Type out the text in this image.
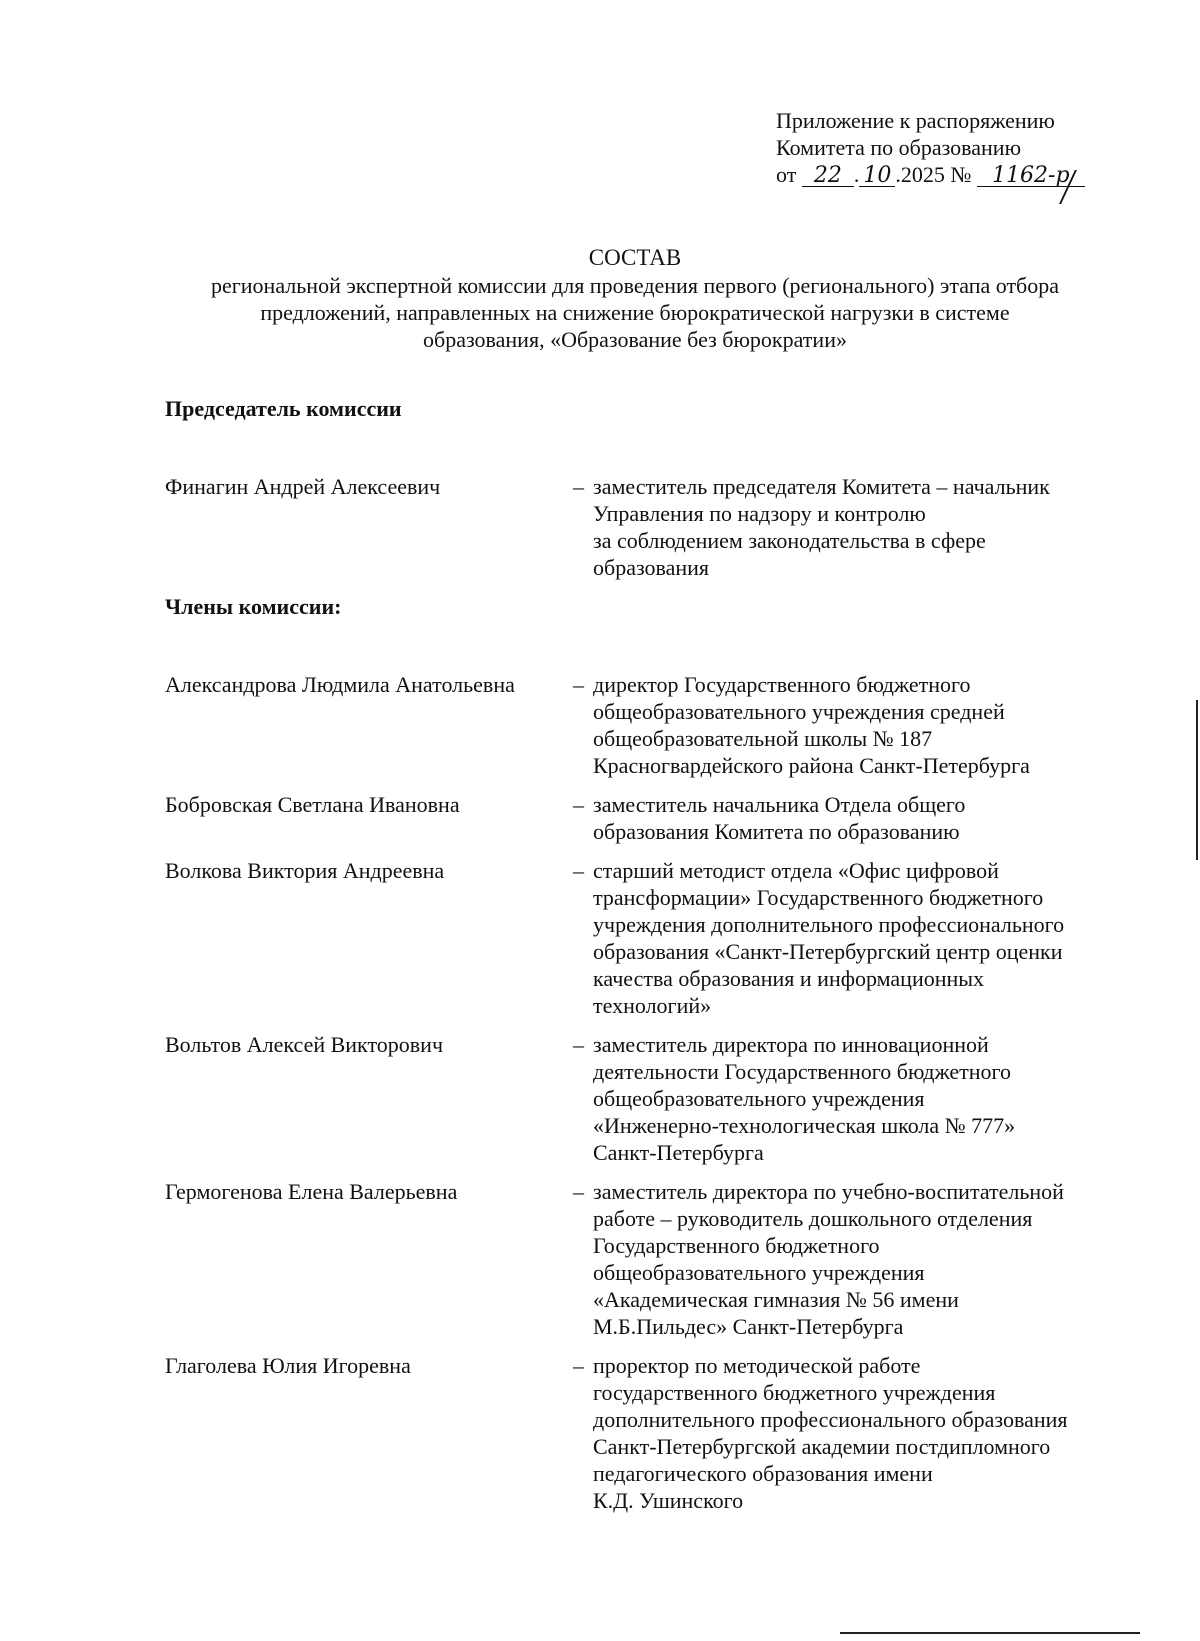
Приложение к распоряжению
Комитета по образованию
от 22 . 10 .2025 № 1162-р
СОСТАВ
региональной экспертной комиссии для проведения первого (регионального) этапа отбора
предложений, направленных на снижение бюрократической нагрузки в системе
образования, «Образование без бюрократии»
Председатель комиссии
Финагин Андрей Алексеевич	– заместитель председателя Комитета – начальник
Управления по надзору и контролю
за соблюдением законодательства в сфере
образования
Члены комиссии:
Александрова Людмила Анатольевна	– директор Государственного бюджетного
общеобразовательного учреждения средней
общеобразовательной школы № 187
Красногвардейского района Санкт-Петербурга
Бобровская Светлана Ивановна	– заместитель начальника Отдела общего
образования Комитета по образованию
Волкова Виктория Андреевна	– старший методист отдела «Офис цифровой
трансформации» Государственного бюджетного
учреждения дополнительного профессионального
образования «Санкт-Петербургский центр оценки
качества образования и информационных
технологий»
Вольтов Алексей Викторович	– заместитель директора по инновационной
деятельности Государственного бюджетного
общеобразовательного учреждения
«Инженерно-технологическая школа № 777»
Санкт-Петербурга
Гермогенова Елена Валерьевна	– заместитель директора по учебно-воспитательной
работе – руководитель дошкольного отделения
Государственного бюджетного
общеобразовательного учреждения
«Академическая гимназия № 56 имени
М.Б.Пильдес» Санкт-Петербурга
Глаголева Юлия Игоревна	– проректор по методической работе
государственного бюджетного учреждения
дополнительного профессионального образования
Санкт-Петербургской академии постдипломного
педагогического образования имени
К.Д. Ушинского
